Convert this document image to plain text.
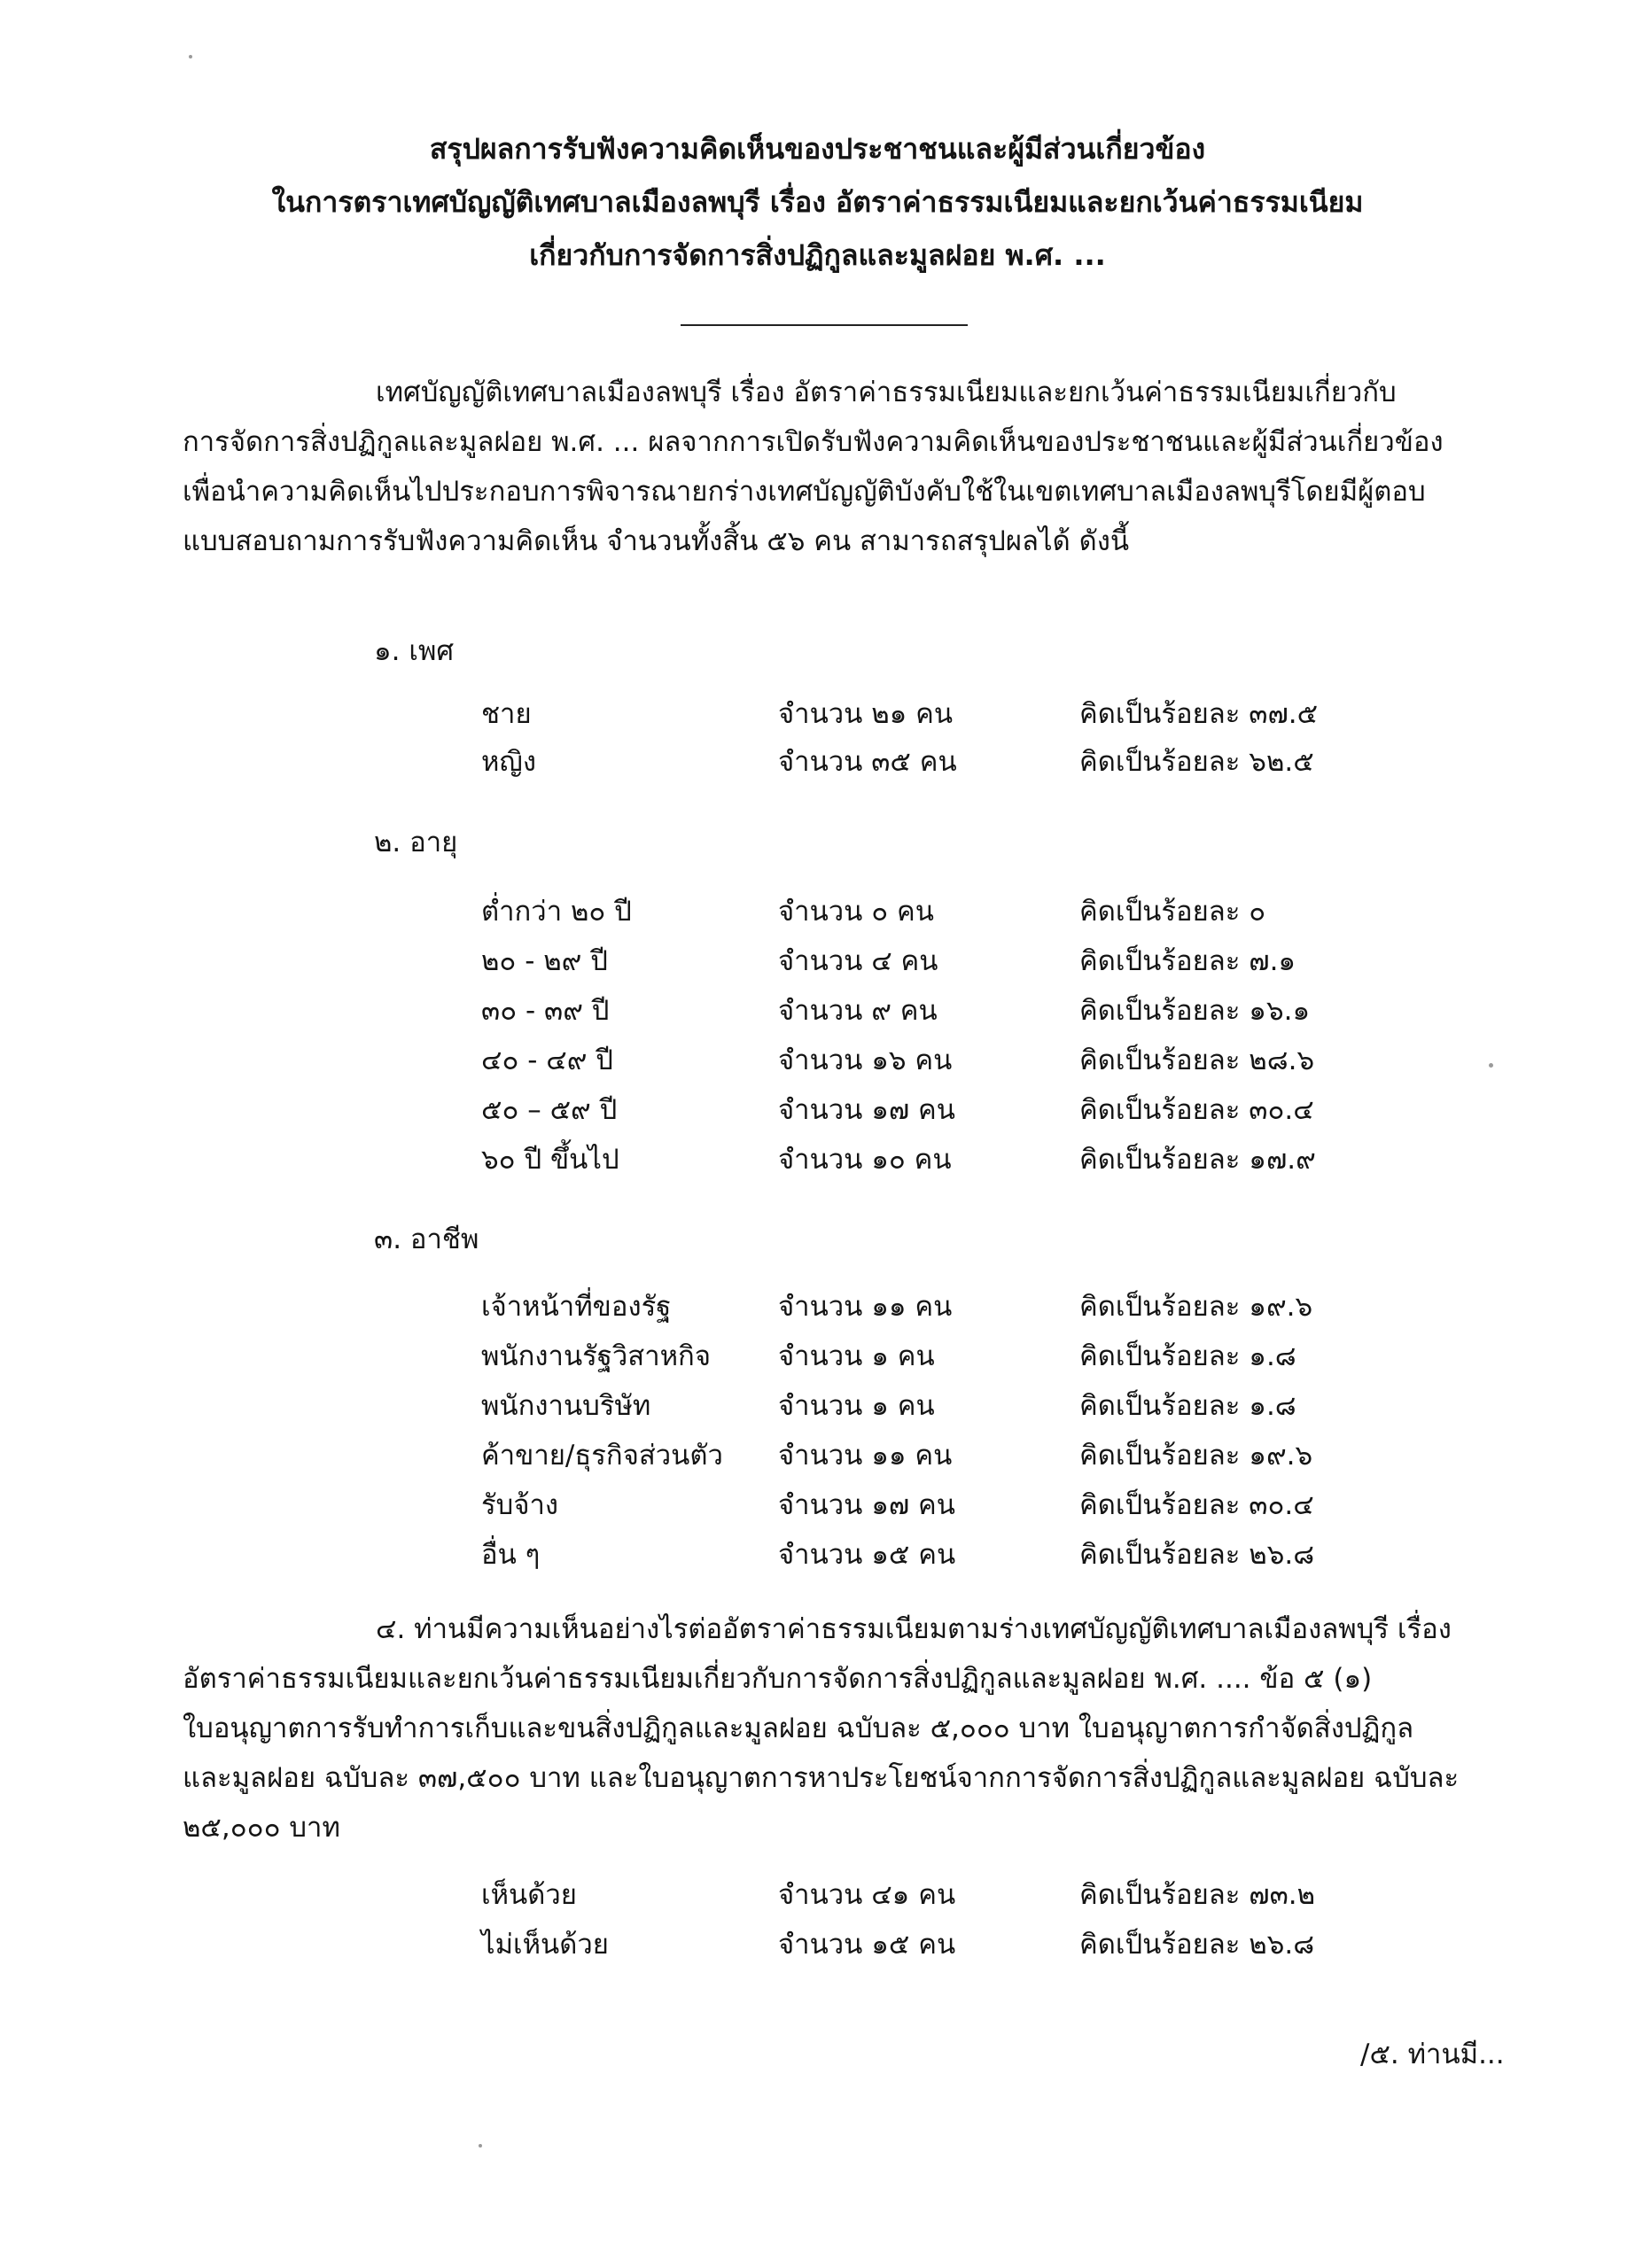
สรุปผลการรับฟังความคิดเห็นของประชาชนและผู้มีส่วนเกี่ยวข้อง
ในการตราเทศบัญญัติเทศบาลเมืองลพบุรี เรื่อง อัตราค่าธรรมเนียมและยกเว้นค่าธรรมเนียม
เกี่ยวกับการจัดการสิ่งปฏิกูลและมูลฝอย พ.ศ. ...
เทศบัญญัติเทศบาลเมืองลพบุรี เรื่อง อัตราค่าธรรมเนียมและยกเว้นค่าธรรมเนียมเกี่ยวกับ
การจัดการสิ่งปฏิกูลและมูลฝอย พ.ศ. ... ผลจากการเปิดรับฟังความคิดเห็นของประชาชนและผู้มีส่วนเกี่ยวข้อง
เพื่อนำความคิดเห็นไปประกอบการพิจารณายกร่างเทศบัญญัติบังคับใช้ในเขตเทศบาลเมืองลพบุรีโดยมีผู้ตอบ
แบบสอบถามการรับฟังความคิดเห็น จำนวนทั้งสิ้น ๕๖ คน สามารถสรุปผลได้ ดังนี้
๑. เพศ
ชาย	จำนวน ๒๑ คน	คิดเป็นร้อยละ ๓๗.๕
หญิง	จำนวน ๓๕ คน	คิดเป็นร้อยละ ๖๒.๕
๒. อายุ
ต่ำกว่า ๒๐ ปี	จำนวน ๐ คน	คิดเป็นร้อยละ ๐
๒๐ - ๒๙ ปี	จำนวน ๔ คน	คิดเป็นร้อยละ ๗.๑
๓๐ - ๓๙ ปี	จำนวน ๙ คน	คิดเป็นร้อยละ ๑๖.๑
๔๐ - ๔๙ ปี	จำนวน ๑๖ คน	คิดเป็นร้อยละ ๒๘.๖
๕๐ – ๕๙ ปี	จำนวน ๑๗ คน	คิดเป็นร้อยละ ๓๐.๔
๖๐ ปี ขึ้นไป	จำนวน ๑๐ คน	คิดเป็นร้อยละ ๑๗.๙
๓. อาชีพ
เจ้าหน้าที่ของรัฐ	จำนวน ๑๑ คน	คิดเป็นร้อยละ ๑๙.๖
พนักงานรัฐวิสาหกิจ จำนวน ๑ คน	คิดเป็นร้อยละ ๑.๘
พนักงานบริษัท	จำนวน ๑ คน	คิดเป็นร้อยละ ๑.๘
ค้าขาย/ธุรกิจส่วนตัว จำนวน ๑๑ คน	คิดเป็นร้อยละ ๑๙.๖
รับจ้าง	จำนวน ๑๗ คน	คิดเป็นร้อยละ ๓๐.๔
อื่น ๆ	จำนวน ๑๕ คน	คิดเป็นร้อยละ ๒๖.๘
๔. ท่านมีความเห็นอย่างไรต่ออัตราค่าธรรมเนียมตามร่างเทศบัญญัติเทศบาลเมืองลพบุรี เรื่อง
อัตราค่าธรรมเนียมและยกเว้นค่าธรรมเนียมเกี่ยวกับการจัดการสิ่งปฏิกูลและมูลฝอย พ.ศ. .... ข้อ ๕ (๑)
ใบอนุญาตการรับทำการเก็บและขนสิ่งปฏิกูลและมูลฝอย ฉบับละ ๕,๐๐๐ บาท ใบอนุญาตการกำจัดสิ่งปฏิกูล
และมูลฝอย ฉบับละ ๓๗,๕๐๐ บาท และใบอนุญาตการหาประโยชน์จากการจัดการสิ่งปฏิกูลและมูลฝอย ฉบับละ
๒๕,๐๐๐ บาท
เห็นด้วย	จำนวน ๔๑ คน	คิดเป็นร้อยละ ๗๓.๒
ไม่เห็นด้วย	จำนวน ๑๕ คน	คิดเป็นร้อยละ ๒๖.๘
/๕. ท่านมี...
